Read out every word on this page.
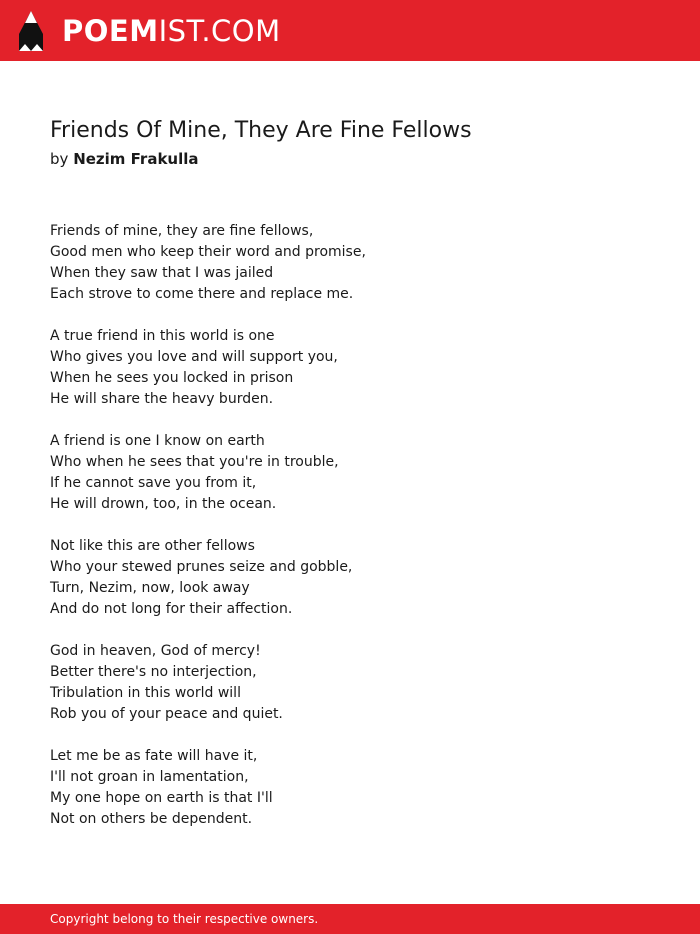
POEMIST.COM
Friends Of Mine, They Are Fine Fellows

by Nezim Frakulla

Friends of mine, they are fine fellows,
Good men who keep their word and promise,
When they saw that I was jailed
Each strove to come there and replace me.

A true friend in this world is one
Who gives you love and will support you,
When he sees you locked in prison
He will share the heavy burden.

A friend is one I know on earth
Who when he sees that you're in trouble,
If he cannot save you from it,
He will drown, too, in the ocean.

Not like this are other fellows
Who your stewed prunes seize and gobble,
Turn, Nezim, now, look away
And do not long for their affection.

God in heaven, God of mercy!
Better there's no interjection,
Tribulation in this world will
Rob you of your peace and quiet.

Let me be as fate will have it,
I'll not groan in lamentation,
My one hope on earth is that I'll
Not on others be dependent.

Copyright belong to their respective owners.
